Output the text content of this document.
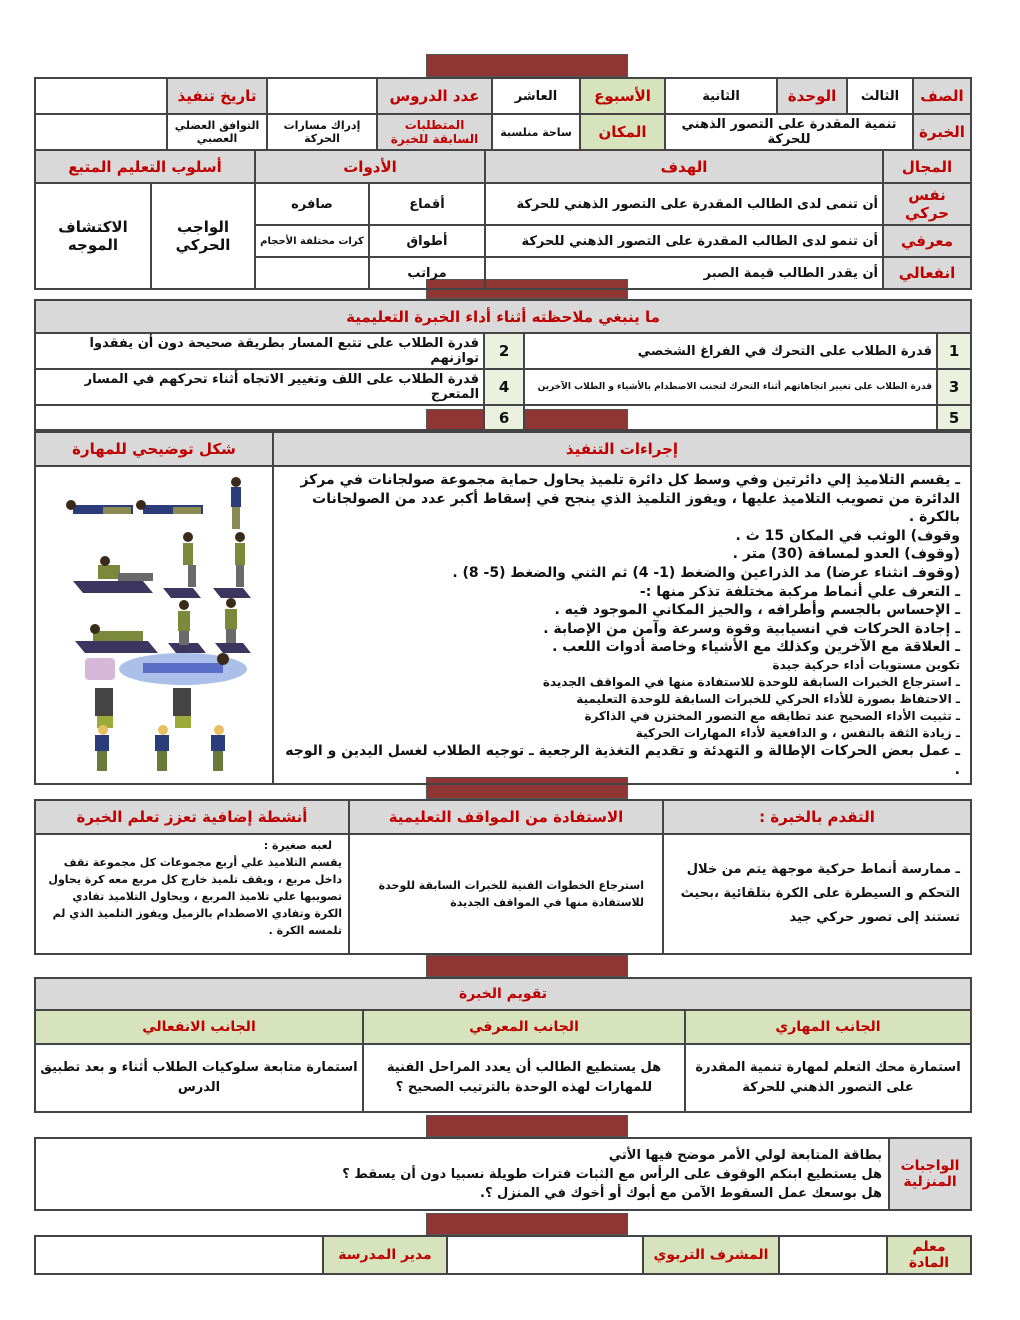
الصف	الثالث	الوحدة	الثانية	الأسبوع	العاشر	عدد الدروس		تاريخ تنفيذ	
الخبرة	تنمية المقدرة على التصور الذهني للحركة			المكان	ساحة منلسبة	المتطلبات السابقة للخبرة	إدراك مسارات الحركة	التوافق العضلي العصبي	
المجال	الهدف	الأدوات		أسلوب التعليم المتبع	
نفس حركي	أن تنمى لدى الطالب المقدرة على التصور الذهني للحركة	أقماع	صافره	الواجب الحركي	الاكتشاف الموجه
معرفي	أن تنمو لدى الطالب المقدرة على التصور الذهني للحركة	أطواق	كرات مختلفة الأحجام		
انفعالي	أن يقدر الطالب قيمة الصبر	مراتب			
ما ينبغي ملاحظته أثناء أداء الخبرة التعليمية			
1	قدرة الطلاب على التحرك في الفراغ الشخصي	2	قدرة الطلاب على تتبع المسار بطريقة صحيحة دون أن يفقدوا توازنهم
3	قدرة الطلاب على تغيير اتجاهاتهم أثناء التحرك لتجنب الاصطدام بالأشياء و الطلاب الآخرين	4	قدرة الطلاب على اللف وتغيير الاتجاه أثناء تحركهم في المسار المتعرج
5		6	
إجراءات التنفيذ	شكل توضيحي للمهارة

ـ يقسم التلاميذ إلي دائرتين وفي وسط كل دائرة تلميذ يحاول حماية مجموعة صولجانات في مركز الدائرة من تصويب التلاميذ عليها ، ويفوز التلميذ الذي ينجح في إسقاط أكبر عدد من الصولجانات بالكرة .
وقوف) الوثب في المكان 15 ث .
(وقوف) العدو لمسافة (30) متر .
(وقوفـ انثناء عرضا) مد الذراعين والضغط (1- 4) ثم الثني والضغط (5- 8) .
ـ التعرف علي أنماط مركبة مختلفة تذكر منها :-
ـ الإحساس بالجسم وأطرافه ، والحيز المكاني الموجود فيه .
ـ إجادة الحركات في انسيابية وقوة وسرعة وآمن من الإصابة .
ـ العلاقة مع الآخرين وكذلك مع الأشياء وخاصة أدوات اللعب .
تكوين مستويات أداء حركية جيدة
ـ استرجاع الخبرات السابقة للوحدة للاستفادة منها في المواقف الجديدة
ـ الاحتفاظ بصورة للأداء الحركي للخبرات السابقة للوحدة التعليمية
ـ تثبيت الأداء الصحيح عند تطابقه مع التصور المختزن في الذاكرة
ـ زيادة الثقة بالنفس ، و الدافعية لأداء المهارات الحركية
ـ عمل بعض الحركات الإطالة و التهدئة و تقديم التغذية الرجعية ـ توجيه الطلاب لغسل اليدين و الوجه .

التقدم بالخبرة :	الاستفادة من المواقف التعليمية	أنشطة إضافية تعزز تعلم الخبرة
ـ ممارسة أنماط حركية موجهة يتم من خلال التحكم و السيطرة على الكرة بتلقائية ،بحيث تستند إلى تصور حركي جيد	استرجاع الخطوات الفنية للخبرات السابقة للوحدة للاستفادة منها في المواقف الجديدة	لعبه صغيرة :
يقسم التلاميذ علي أربع مجموعات كل مجموعة تقف داخل مربع ، ويقف تلميذ خارج كل مربع معه كرة يحاول تصويبها علي تلاميذ المربع ، ويحاول التلاميذ تفادي الكرة وتفادي الاصطدام بالزميل ويفوز التلميذ الذي لم تلمسه الكرة .
تقويم الخبرة		
الجانب المهاري	الجانب المعرفي	الجانب الانفعالي
استمارة محك التعلم لمهارة تنمية المقدرة على التصور الذهني للحركة	هل يستطيع الطالب أن يعدد المراحل الفنية للمهارات لهذه الوحدة بالترتيب الصحيح ؟	استمارة متابعة سلوكيات الطلاب أثناء و بعد تطبيق الدرس
الواجبات المنزلية	
بطاقة المتابعة لولي الأمر موضح فيها الأتي
هل يستطيع ابنكم الوقوف على الرأس مع الثبات فترات طويلة نسبيا دون أن يسقط ؟
هل بوسعك عمل السقوط الآمن مع أبوك أو أخوك في المنزل ؟.
معلم المادة		المشرف التربوي		مدير المدرسة	
